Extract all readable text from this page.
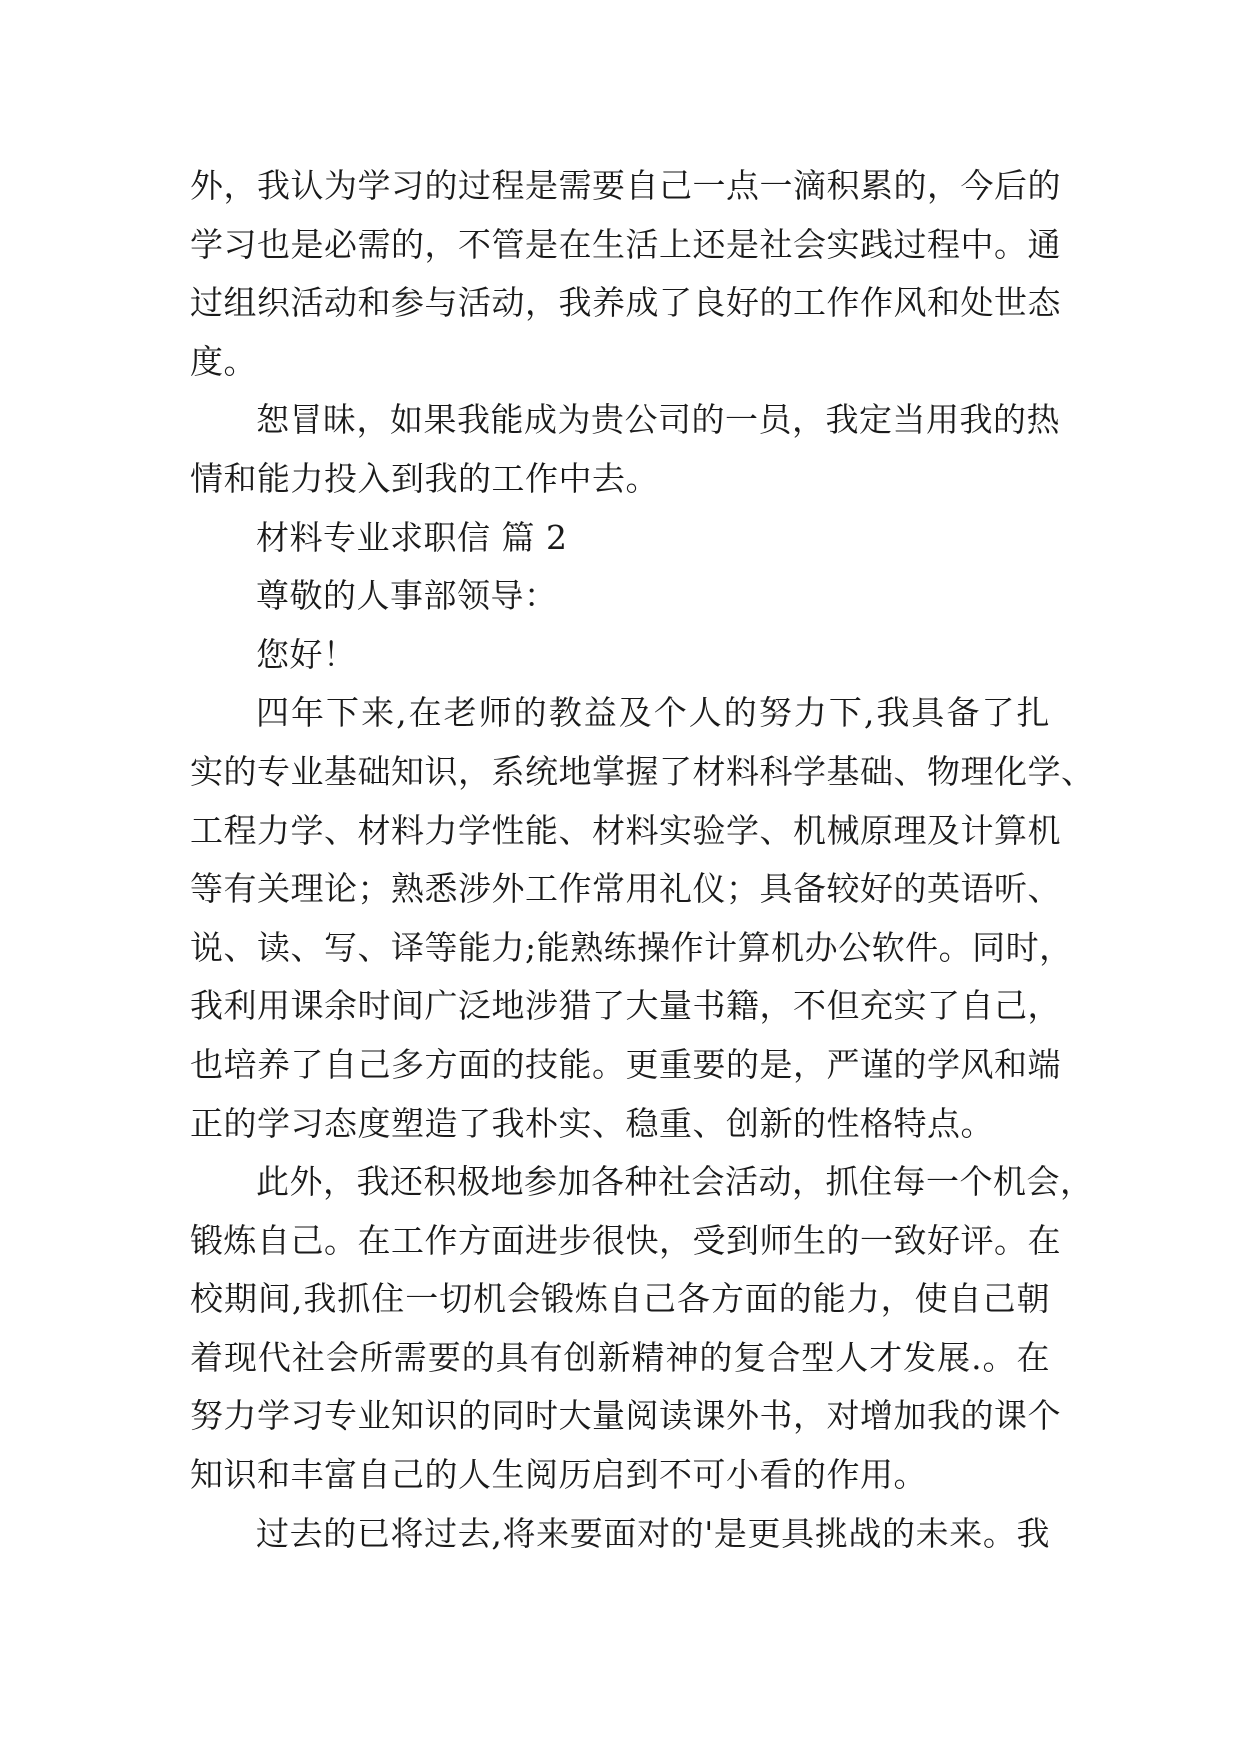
外，我认为学习的过程是需要自己一点一滴积累的，今后的
学习也是必需的，不管是在生活上还是社会实践过程中。通
过组织活动和参与活动，我养成了良好的工作作风和处世态
度。
恕冒昧，如果我能成为贵公司的一员，我定当用我的热
情和能力投入到我的工作中去。
材料专业求职信 篇 2
尊敬的人事部领导：
您好！
四年下来,在老师的教益及个人的努力下,我具备了扎
实的专业基础知识，系统地掌握了材料科学基础、物理化学、
工程力学、材料力学性能、材料实验学、机械原理及计算机
等有关理论；熟悉涉外工作常用礼仪；具备较好的英语听、
说、读、写、译等能力;能熟练操作计算机办公软件。同时，
我利用课余时间广泛地涉猎了大量书籍，不但充实了自己，
也培养了自己多方面的技能。更重要的是，严谨的学风和端
正的学习态度塑造了我朴实、稳重、创新的性格特点。
此外，我还积极地参加各种社会活动，抓住每一个机会，
锻炼自己。在工作方面进步很快，受到师生的一致好评。在
校期间,我抓住一切机会锻炼自己各方面的能力，使自己朝
着现代社会所需要的具有创新精神的复合型人才发展.。在
努力学习专业知识的同时大量阅读课外书，对增加我的课个
知识和丰富自己的人生阅历启到不可小看的作用。
过去的已将过去,将来要面对的'是更具挑战的未来。我
